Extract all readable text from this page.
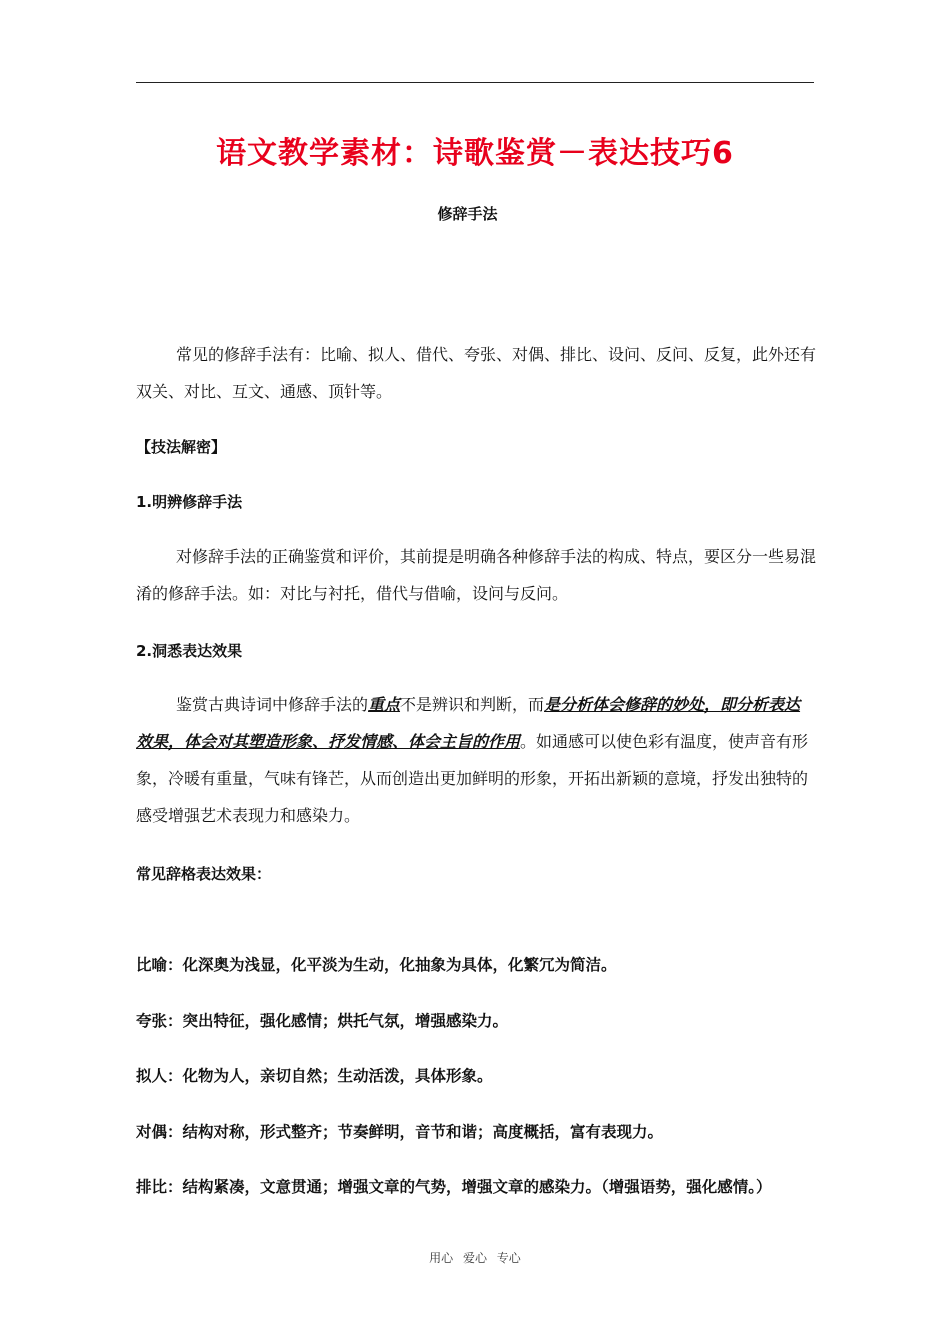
语文教学素材：诗歌鉴赏－表达技巧6
修辞手法
常见的修辞手法有：比喻、拟人、借代、夸张、对偶、排比、设问、反问、反复，此外还有双关、对比、互文、通感、顶针等。
【技法解密】
1.明辨修辞手法
对修辞手法的正确鉴赏和评价，其前提是明确各种修辞手法的构成、特点，要区分一些易混淆的修辞手法。如：对比与衬托，借代与借喻，设问与反问。
2.洞悉表达效果
鉴赏古典诗词中修辞手法的重点不是辨识和判断，而是分析体会修辞的妙处，即分析表达效果，体会对其塑造形象、抒发情感、体会主旨的作用。如通感可以使色彩有温度，使声音有形象，冷暖有重量，气味有锋芒，从而创造出更加鲜明的形象，开拓出新颖的意境，抒发出独特的感受增强艺术表现力和感染力。
常见辞格表达效果：
比喻：化深奥为浅显，化平淡为生动，化抽象为具体，化繁冗为简洁。
夸张：突出特征，强化感情；烘托气氛，增强感染力。
拟人：化物为人，亲切自然；生动活泼，具体形象。
对偶：结构对称，形式整齐；节奏鲜明，音节和谐；高度概括，富有表现力。
排比：结构紧凑，文意贯通；增强文章的气势，增强文章的感染力。（增强语势，强化感情。）
用心 爱心 专心
